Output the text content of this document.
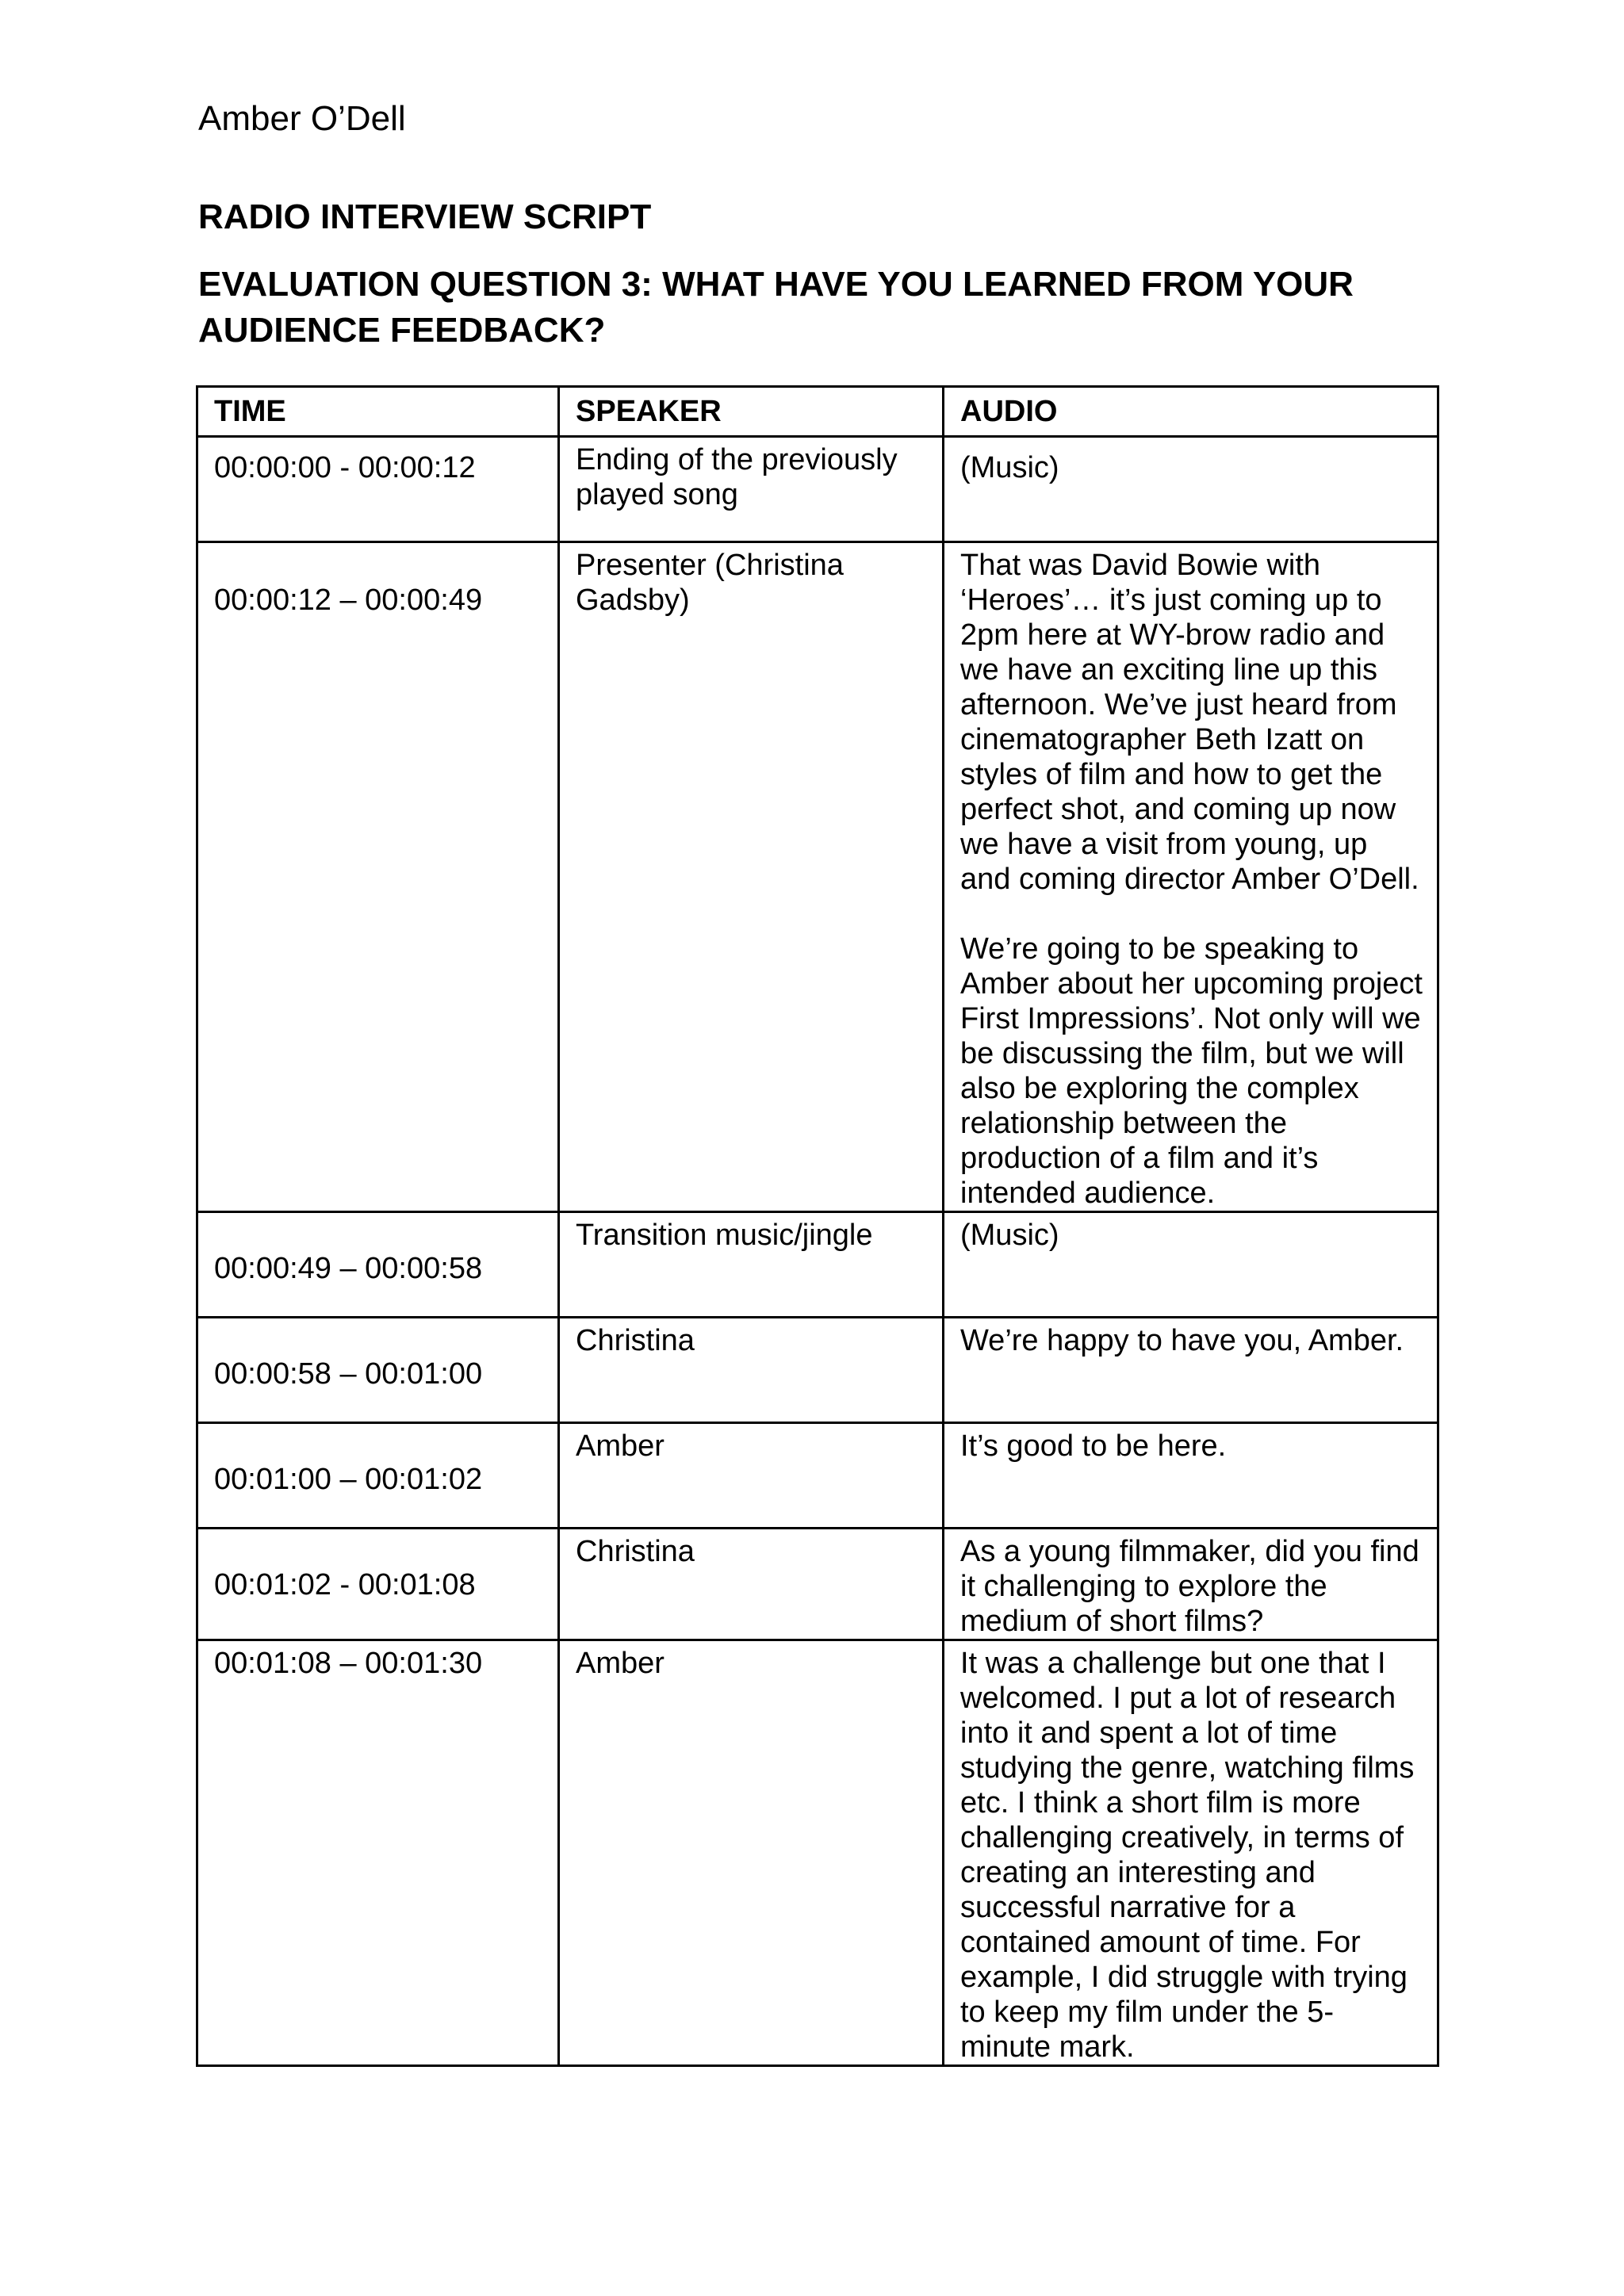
Amber O’Dell
RADIO INTERVIEW SCRIPT
EVALUATION QUESTION 3: WHAT HAVE YOU LEARNED FROM YOUR AUDIENCE FEEDBACK?
TIME	SPEAKER	AUDIO
00:00:00 - 00:00:12	Ending of the previously played song	(Music)

00:00:12 – 00:00:49	Presenter (Christina Gadsby)	That was David Bowie with ‘Heroes’… it’s just coming up to 2pm here at WY-brow radio and we have an exciting line up this afternoon. We’ve just heard from cinematographer Beth Izatt on styles of film and how to get the perfect shot, and coming up now we have a visit from young, up and coming director Amber O’Dell.
We’re going to be speaking to Amber about her upcoming project First Impressions’. Not only will we be discussing the film, but we will also be exploring the complex relationship between the production of a film and it’s intended audience.

00:00:49 – 00:00:58	Transition music/jingle	(Music)

00:00:58 – 00:01:00	Christina	We’re happy to have you, Amber.

00:01:00 – 00:01:02	Amber	It’s good to be here.

00:01:02 - 00:01:08	Christina	As a young filmmaker, did you find it challenging to explore the medium of short films?

00:01:08 – 00:01:30	Amber	It was a challenge but one that I welcomed. I put a lot of research into it and spent a lot of time studying the genre, watching films etc. I think a short film is more challenging creatively, in terms of creating an interesting and successful narrative for a contained amount of time. For example, I did struggle with trying to keep my film under the 5-minute mark.
